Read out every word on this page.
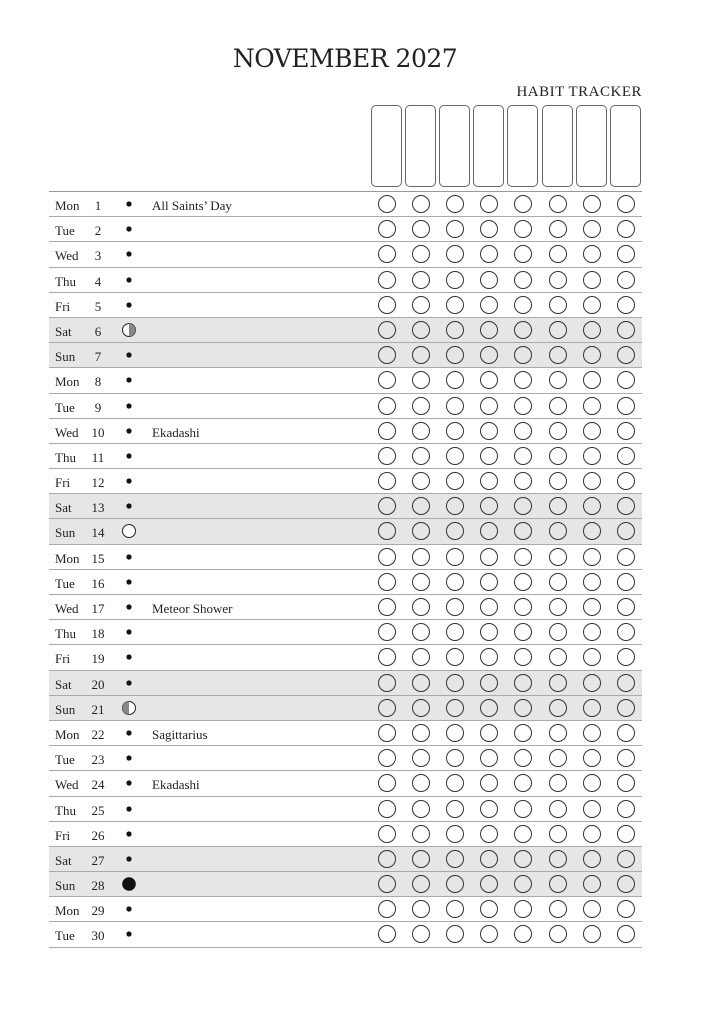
NOVEMBER 2027
HABIT TRACKER
Mon	1	All Saints’ Day
Tue	2
Wed	3
Thu	4
Fri	5
Sat	6
Sun	7
Mon	8
Tue	9
Wed 10	Ekadashi
Thu 11
Fri 12
Sat 13
Sun 14
Mon 15
Tue 16
Wed 17	Meteor Shower
Thu 18
Fri 19
Sat 20
Sun 21
Mon 22	Sagittarius
Tue 23
Wed 24	Ekadashi
Thu 25
Fri 26
Sat 27
Sun 28
Mon 29
Tue 30
